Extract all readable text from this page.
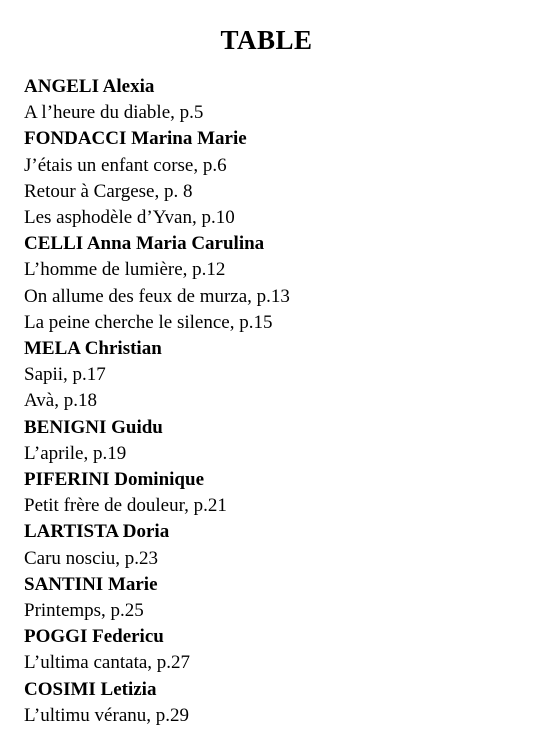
TABLE
ANGELI Alexia
A l’heure du diable, p.5
FONDACCI Marina Marie
J’étais un enfant corse, p.6
Retour à Cargese, p. 8
Les asphodèle d’Yvan, p.10
CELLI Anna Maria Carulina
L’homme de lumière, p.12
On allume des feux de murza, p.13
La peine cherche le silence, p.15
MELA Christian
Sapii, p.17
Avà, p.18
BENIGNI Guidu
L’aprile, p.19
PIFERINI Dominique
Petit frère de douleur, p.21
LARTISTA Doria
Caru nosciu, p.23
SANTINI Marie
Printemps, p.25
POGGI Federicu
L’ultima cantata, p.27
COSIMI Letizia
L’ultimu véranu, p.29
